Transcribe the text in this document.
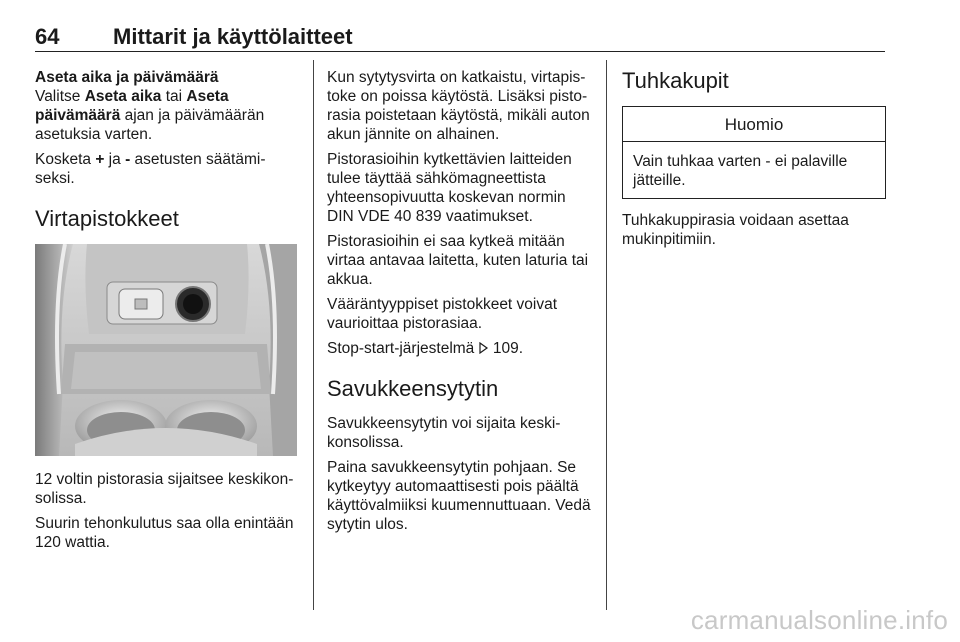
64 Mittarit ja käyttölaitteet

Aseta aika ja päivämäärä

Valitse Aseta aika tai Aseta päivämäärä ajan ja päivämäärän asetuksia varten.

Kosketa + ja - asetusten säätämi-seksi.

Virtapistokkeet

12 voltin pistorasia sijaitsee keskikon-solissa.

Suurin tehonkulutus saa olla enintään 120 wattia.

Kun sytytysvirta on katkaistu, virtapis-toke on poissa käytöstä. Lisäksi pisto-rasia poistetaan käytöstä, mikäli auton akun jännite on alhainen.

Pistorasioihin kytkettävien laitteiden tulee täyttää sähkömagneettista yhteensopivuutta koskevan normin DIN VDE 40 839 vaatimukset.

Pistorasioihin ei saa kytkeä mitään virtaa antavaa laitetta, kuten laturia tai akkua.

Vääräntyyppiset pistokkeet voivat vaurioittaa pistorasiaa.

Stop-start-järjestelmä  109.

Savukkeensytytin

Savukkeensytytin voi sijaita keski-konsolissa.

Paina savukkeensytytin pohjaan. Se kytkeytyy automaattisesti pois päältä käyttövalmiiksi kuumennuttuaan. Vedä sytytin ulos.

Tuhkakupit
Huomio
Vain tuhkaa varten - ei palaville jätteille.

Tuhkakuppirasia voidaan asettaa mukinpitimiin.

carmanualsonline.info
